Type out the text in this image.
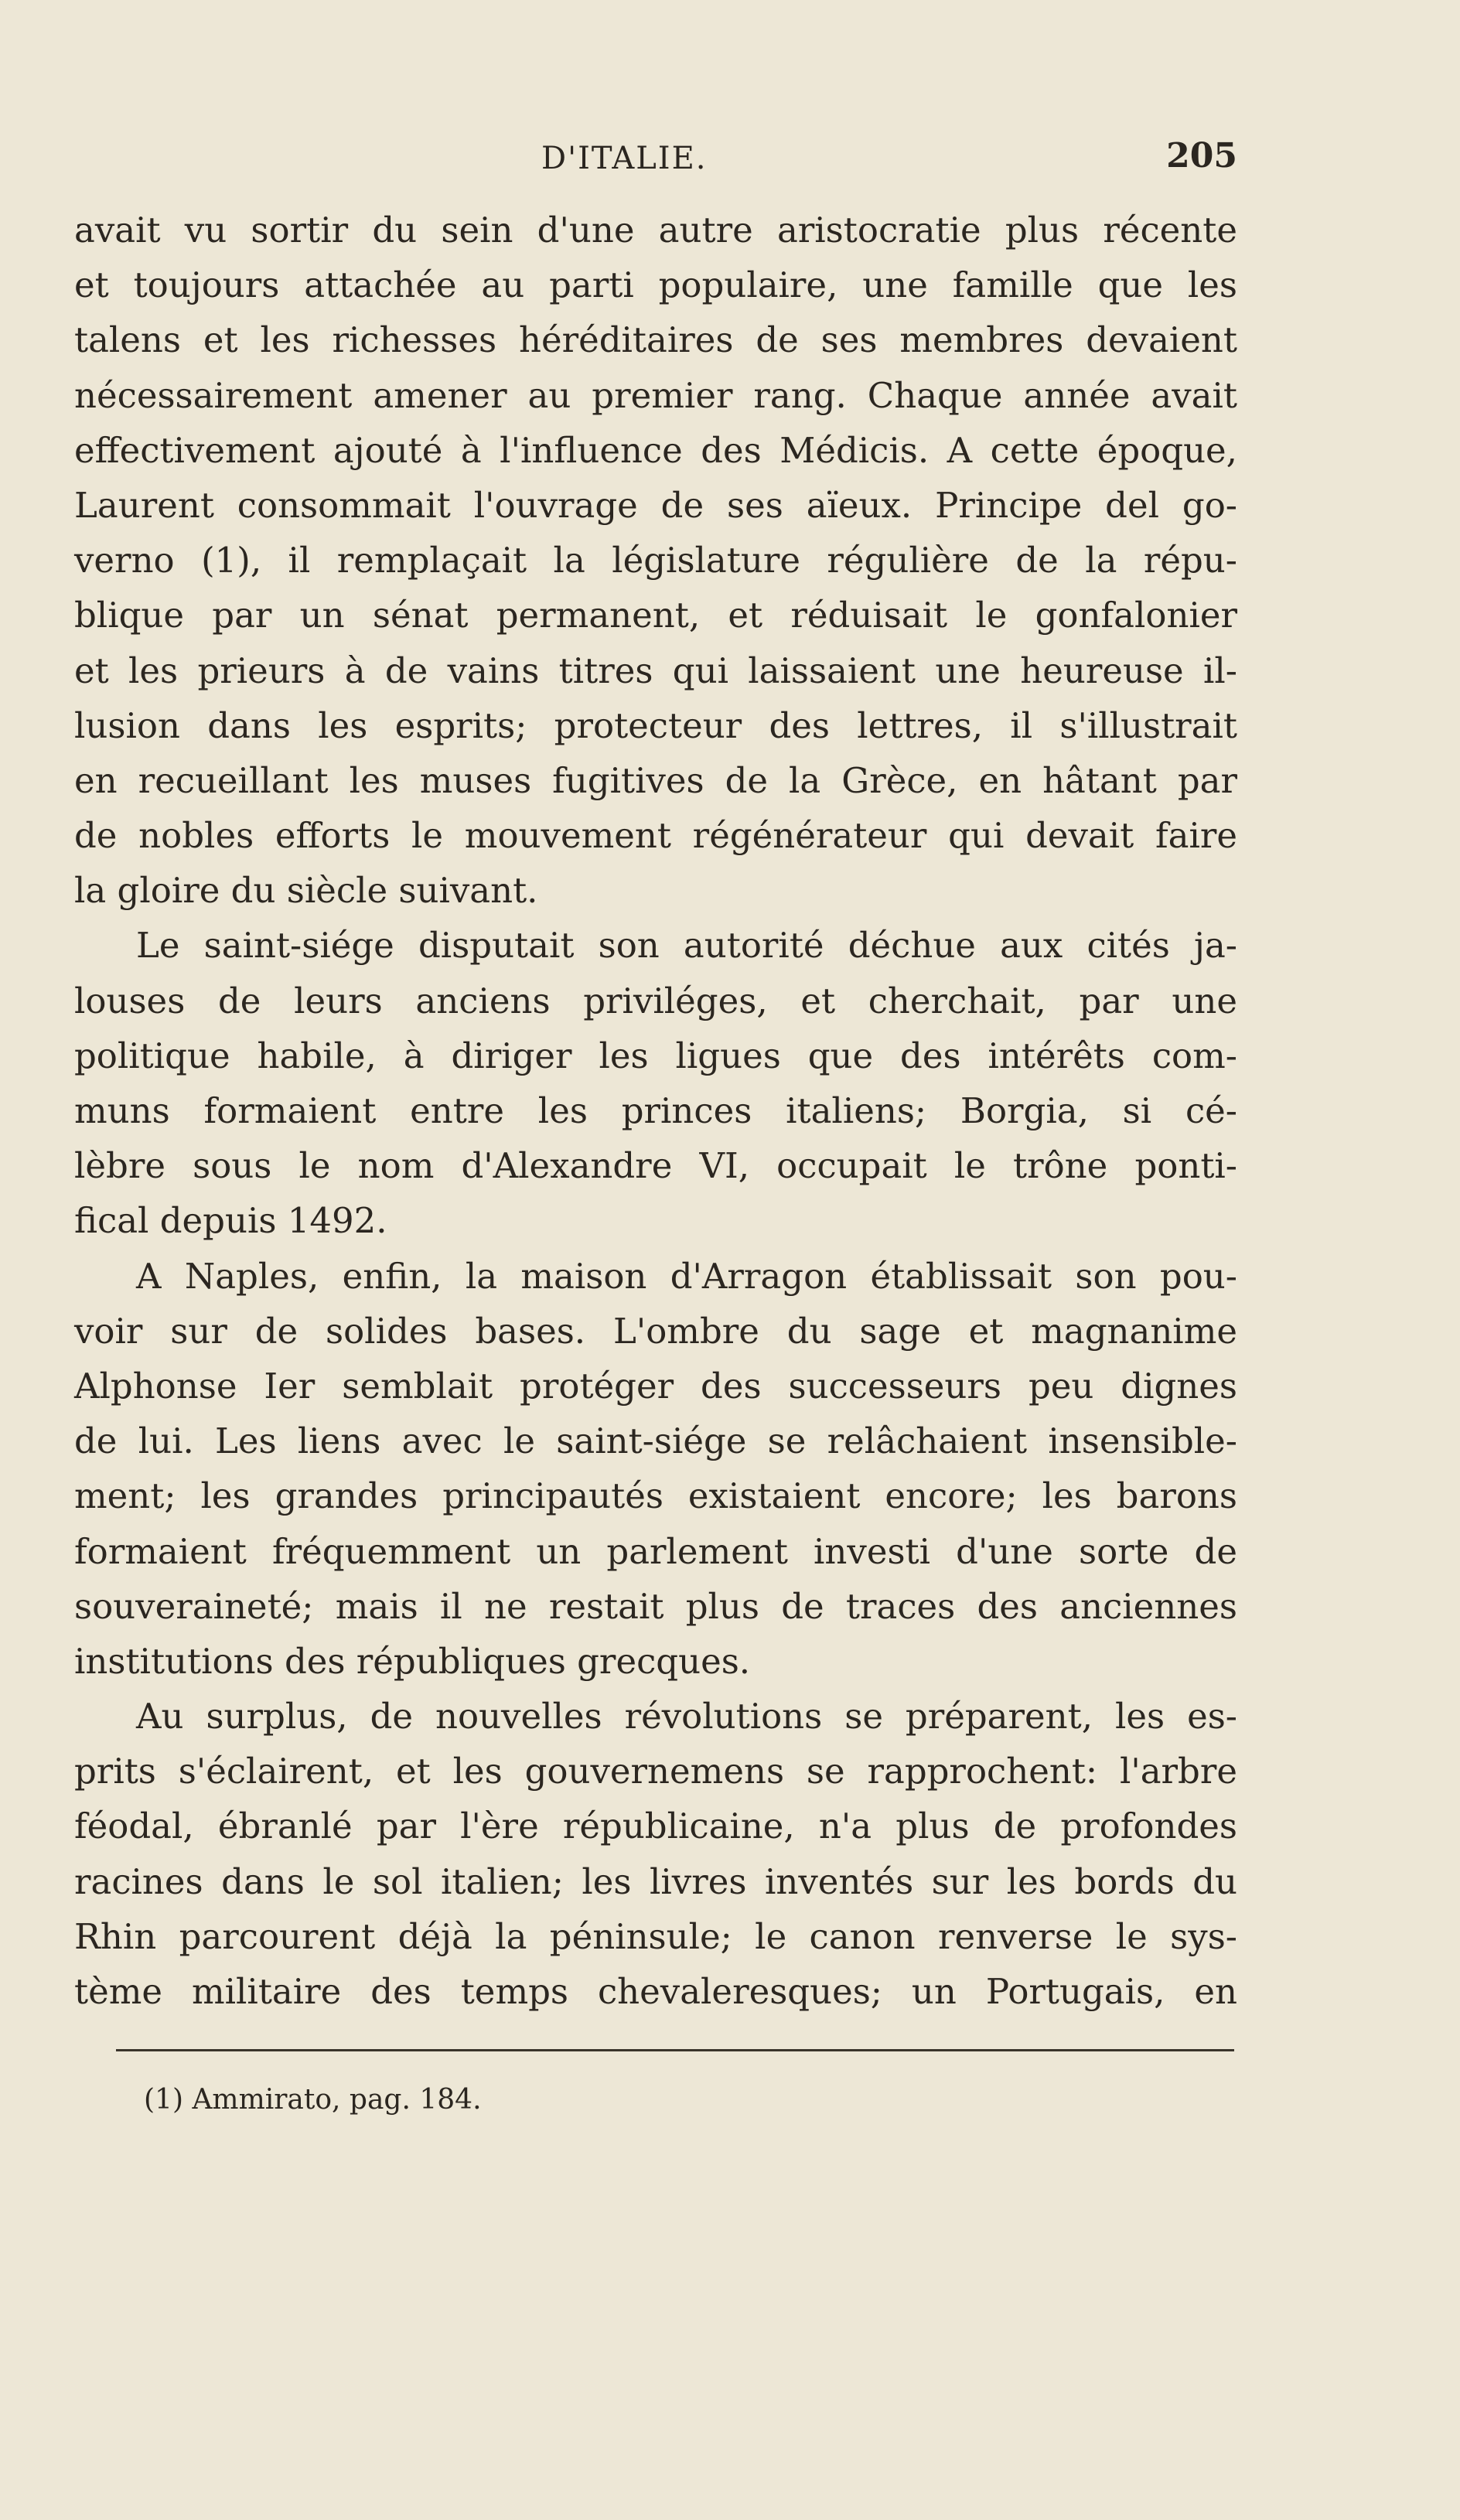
D'ITALIE.	205
avait vu sortir du sein d'une autre aristocratie plus récente
et toujours attachée au parti populaire, une famille que les
talens et les richesses héréditaires de ses membres devaient
nécessairement amener au premier rang. Chaque année avait
effectivement ajouté à l'influence des Médicis. A cette époque,
Laurent consommait l'ouvrage de ses aïeux. Principe del go-
verno (1), il remplaçait la législature régulière de la répu-
blique par un sénat permanent, et réduisait le gonfalonier
et les prieurs à de vains titres qui laissaient une heureuse il-
lusion dans les esprits; protecteur des lettres, il s'illustrait
en recueillant les muses fugitives de la Grèce, en hâtant par
de nobles efforts le mouvement régénérateur qui devait faire
la gloire du siècle suivant.
Le saint-siége disputait son autorité déchue aux cités ja-
louses de leurs anciens priviléges, et cherchait, par une
politique habile, à diriger les ligues que des intérêts com-
muns formaient entre les princes italiens; Borgia, si cé-
lèbre sous le nom d'Alexandre VI, occupait le trône ponti-
fical depuis 1492.
A Naples, enfin, la maison d'Arragon établissait son pou-
voir sur de solides bases. L'ombre du sage et magnanime
Alphonse Ier semblait protéger des successeurs peu dignes
de lui. Les liens avec le saint-siége se relâchaient insensible-
ment; les grandes principautés existaient encore; les barons
formaient fréquemment un parlement investi d'une sorte de
souveraineté; mais il ne restait plus de traces des anciennes
institutions des républiques grecques.
Au surplus, de nouvelles révolutions se préparent, les es-
prits s'éclairent, et les gouvernemens se rapprochent: l'arbre
féodal, ébranlé par l'ère républicaine, n'a plus de profondes
racines dans le sol italien; les livres inventés sur les bords du
Rhin parcourent déjà la péninsule; le canon renverse le sys-
tème militaire des temps chevaleresques; un Portugais, en
(1) Ammirato, pag. 184.
